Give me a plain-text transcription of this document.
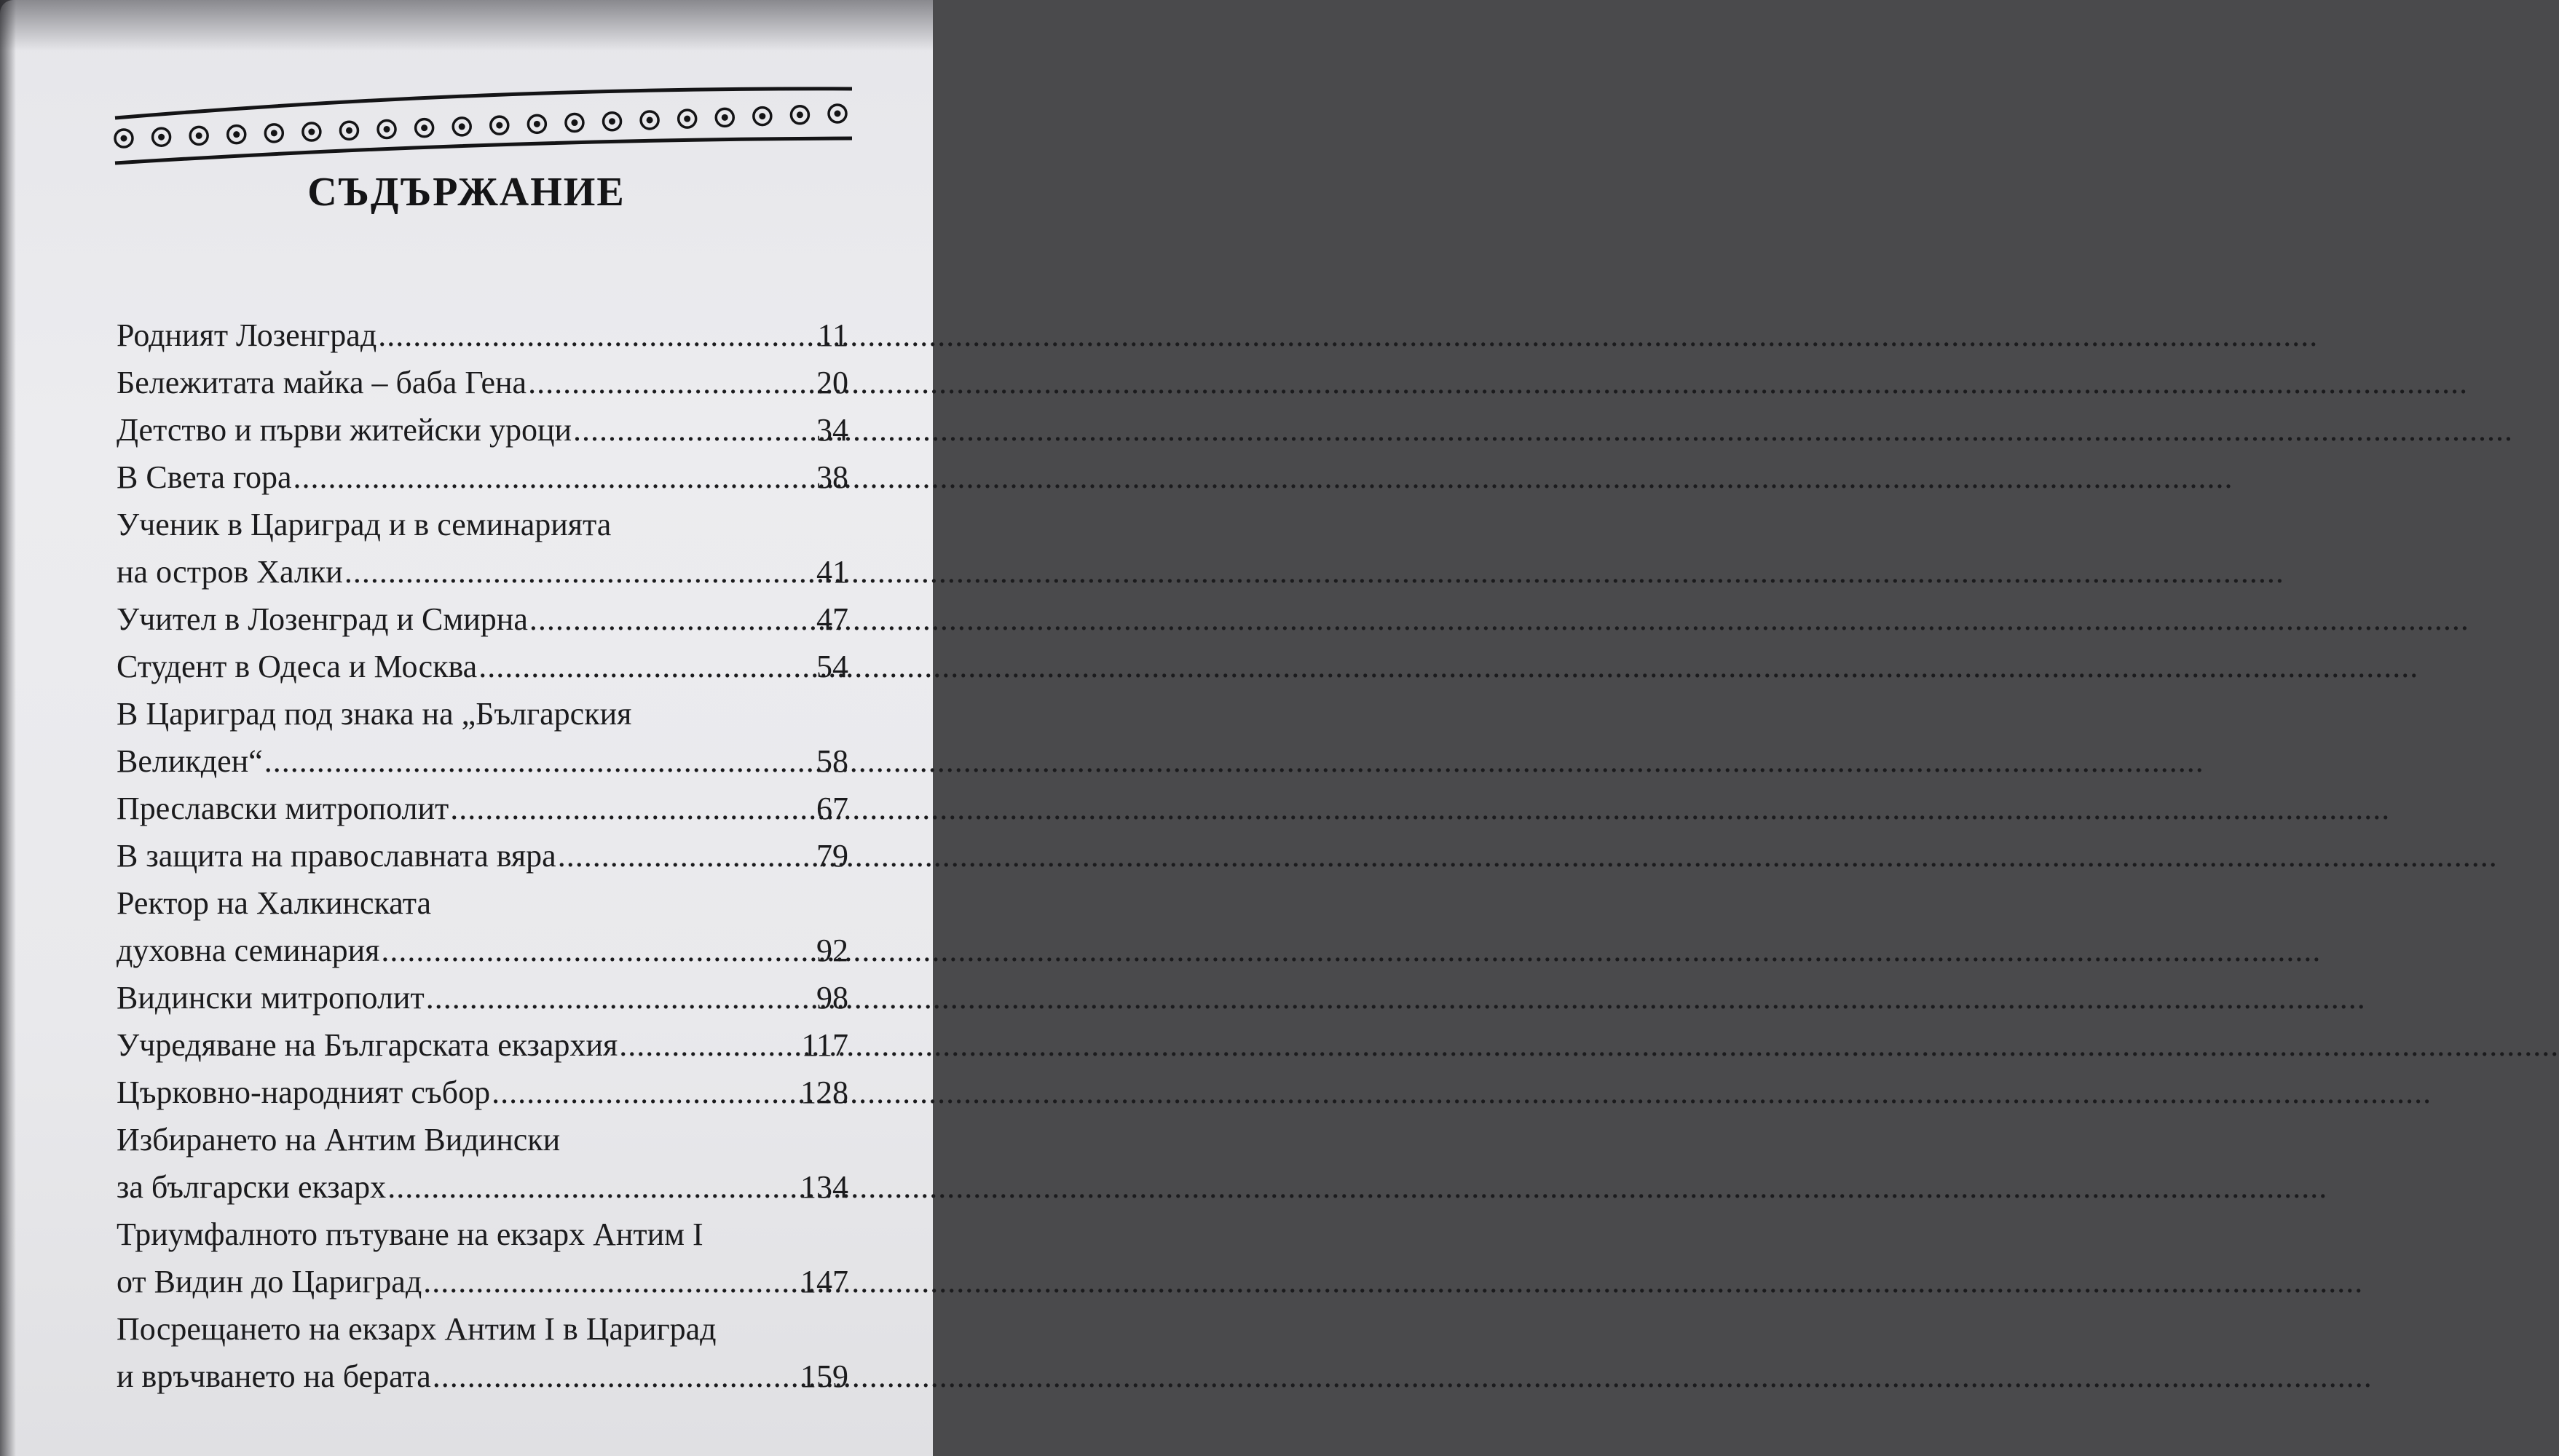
СЪДЪРЖАНИЕ
Родният Лозенград .....	11
Бележитата майка – баба Гена .....	20
Детство и първи житейски уроци .....	34
В Света гора .....	38
Ученик в Цариград и в семинарията
на остров Халки .....	41
Учител в Лозенград и Смирна .....	47
Студент в Одеса и Москва .....	54
В Цариград под знака на „Българския
Великден“ .....	58
Преславски митрополит .....	67
В защита на православната вяра .....	79
Ректор на Халкинската
духовна семинария .....	92
Видински митрополит .....	98
Учредяване на Българската екзархия .....	117
Църковно-народният събор .....	128
Избирането на Антим Видински
за български екзарх .....	134
Триумфалното пътуване на екзарх Антим I
от Видин до Цариград .....	147
Посрещането на екзарх Антим I в Цариград
и връчването на берата .....	159
